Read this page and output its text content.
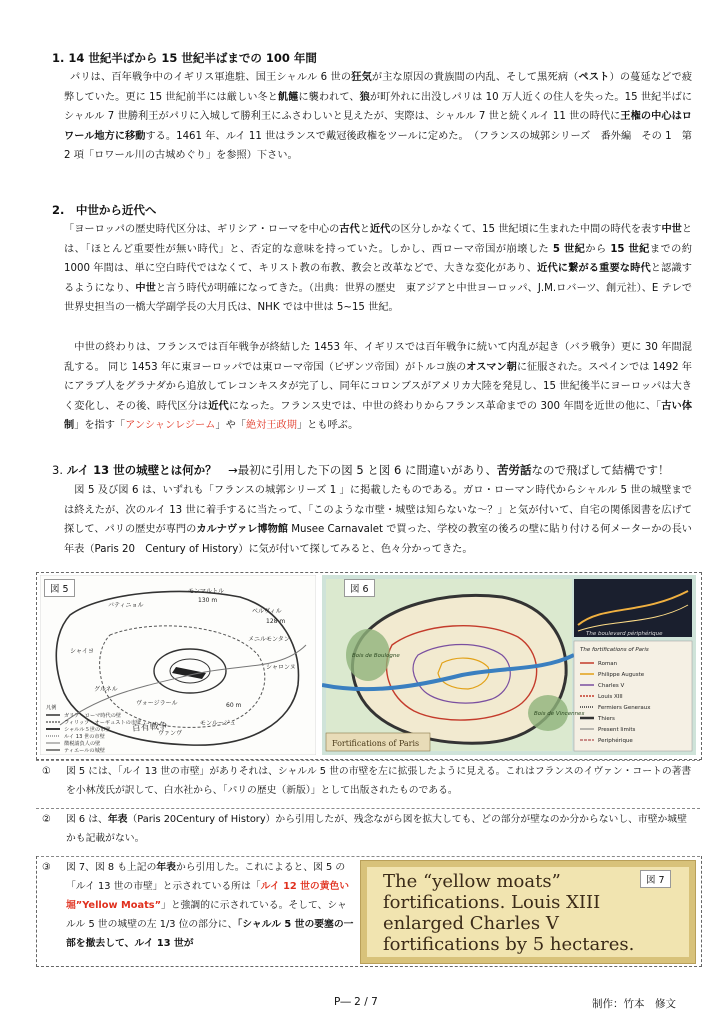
1. 14 世紀半ばから 15 世紀半ばまでの 100 年間
パリは、百年戦争中のイギリス軍進駐、国王シャルル 6 世の狂気が主な原因の貴族間の内乱、そして黒死病（ペスト）の蔓延などで疲弊していた。更に 15 世紀前半には厳しい冬と飢饉に襲われて、狼が町外れに出没しパリは 10 万人近くの住人を失った。15 世紀半ばにシャルル 7 世勝利王がパリに入城して勝利王にふさわしいと見えたが、実際は、シャルル 7 世と続くルイ 11 世の時代に王権の中心はロワール地方に移動する。1461 年、ルイ 11 世はランスで戴冠後政権をツールに定めた。　（フランスの城郭シリーズ　番外編　その 1　第 2 項「ロワール川の古城めぐり」を参照）下さい。
2.　中世から近代へ
「ヨーロッパの歴史時代区分は、ギリシア・ローマを中心の古代と近代の区分しかなくて、15 世紀頃に生まれた中間の時代を表す中世とは、「ほとんど重要性が無い時代」と、否定的な意味を持っていた。しかし、西ローマ帝国が崩壊した 5 世紀から 15 世紀までの約 1000 年間は、単に空白時代ではなくて、キリスト教の布教、教会と改革などで、大きな変化があり、近代に繋がる重要な時代と認識するようになり、中世と言う時代が明確になってきた。（出典：世界の歴史　東アジアと中世ヨーロッパ、J.M.ロバーツ、創元社）、E テレで世界史担当の一橋大学副学長の大月氏は、NHK では中世は 5~15 世紀。
　中世の終わりは、フランスでは百年戦争が終結した 1453 年、イギリスでは百年戦争に続いて内乱が起き（バラ戦争）更に 30 年間混乱する。 同じ 1453 年に東ヨーロッパでは東ローマ帝国（ビザンツ帝国）がトルコ族のオスマン朝に征服された。スペインでは 1492 年にアラブ人をグラナダから追放してレコンキスタが完了し、同年にコロンブスがアメリカ大陸を発見し、15 世紀後半にヨーロッパは大きく変化し、その後、時代区分は近代になった。フランス史では、中世の終わりからフランス革命までの 300 年間を近世の他に、「古い体制」を指す「アンシャンレジーム」や「絶対王政期」とも呼ぶ。
3. ルイ 13 世の城壁とは何か？　→最初に引用した下の図 5 と図 6 に間違いがあり、苦労話なので飛ばして結構です！
　図 5 及び図 6 は、いずれも「フランスの城郭シリーズ 1 」に掲載したものである。ガロ・ローマン時代からシャルル 5 世の城壁までは終えたが、次のルイ 13 世に着手するに当たって、「このような市壁・城壁は知らないな～？」と気が付いて、自宅の関係図書を広げて探して、パリの歴史が専門のカルナヴァレ博物館 Musee Carnavalet で買った、学校の教室の後ろの壁に貼り付ける何メーターかの長い年表（Paris 20　Century of History）に気が付いて探してみると、色々分かってきた。
モンマルトル
130 m
バティニョル
ベルヴィル
128 m
メニルモンタン
シャロンヌ
シャイヨ
ヴォージラール
グルネル
60 m
ヴァンヴ
モンルージュ
凡例
ガリア・ローマ時代の壁
フィリップ・オーギュストの市壁
シャルル５世の市壁
ルイ 13 世の市壁
徴税請負人の壁
ティエールの城壁
百有戦争
図 5
The fortifications of Paris
The boulevard périphérique
Roman
Philippe Auguste
Charles V
Louis XIII
Fermiers Generaux
Thiers
Present limits
Periphérique
Bois de Boulogne
Bois de Vincennes
Fortifications of Paris
図 6
① 図 5 には、「ルイ 13 世の市壁」がありそれは、シャルル 5 世の市壁を左に拡張したように見える。これはフランスのイヴァン・コートの著書を小林茂氏が訳して、白水社から、「パリの歴史（新版）」として出版されたものである。
② 図 6 は、年表（Paris 20Century of History）から引用したが、残念ながら図を拡大しても、どの部分が壁なのか分からないし、市壁か城壁かも記載がない。
③ 図 7、図 8 も上記の年表から引用した。これによると、図 5 の「ルイ 13 世の市壁」と示されている所は「ルイ 12 世の黄色い堀”Yellow Moats”」と強調的に示されている。そして、シャルル 5 世の城壁の左 1/3 位の部分に、「シャルル 5 世の要塞の一部を撤去して、ルイ 13 世が
The “yellow moats”
fortifications. Louis XIII
enlarged Charles V
fortifications by 5 hectares.
図 7
P― 2 / 7	制作：竹本　修文
